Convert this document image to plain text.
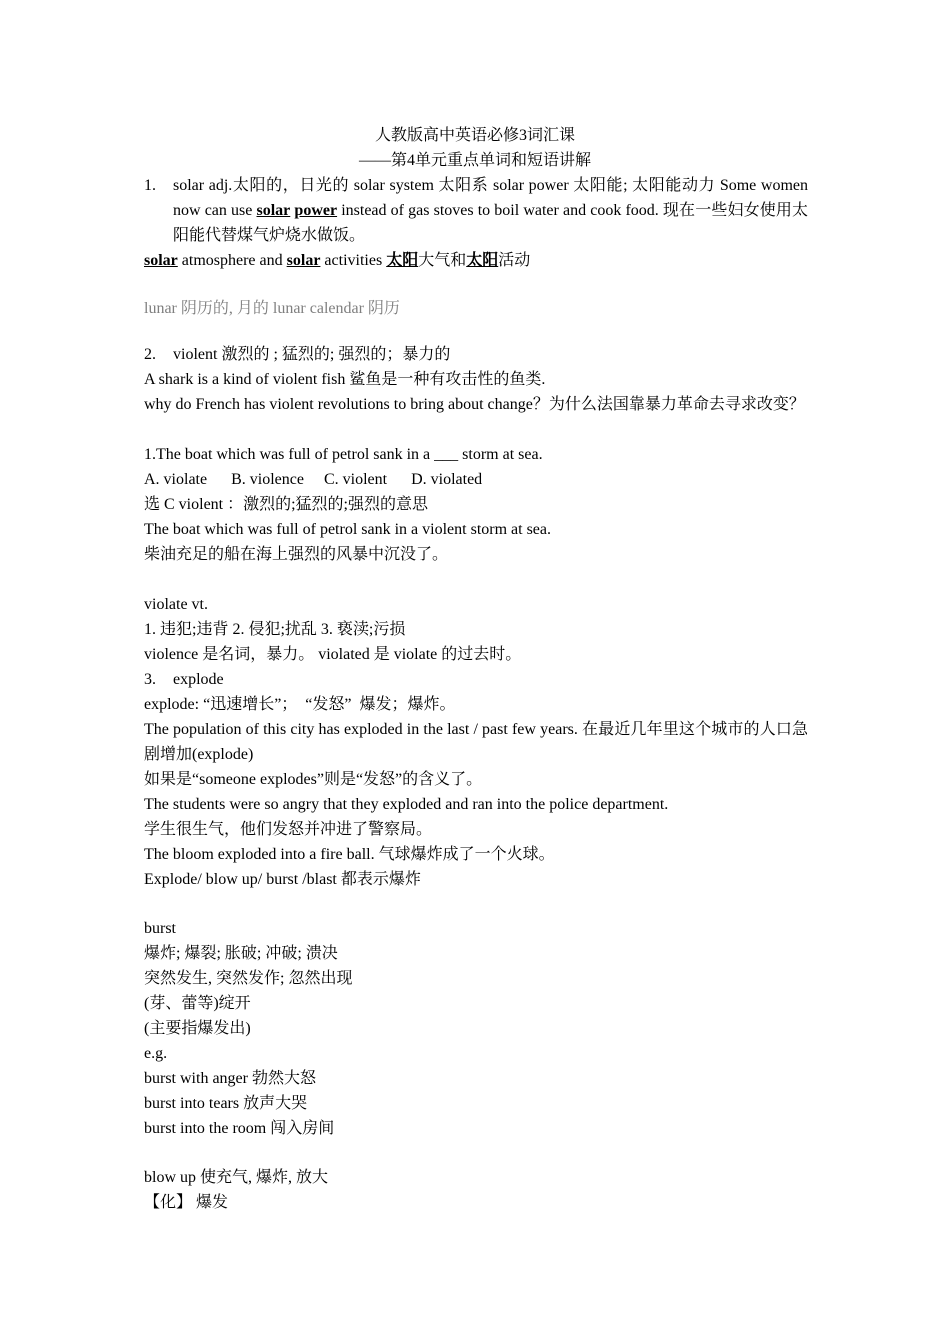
人教版高中英语必修3词汇课
——第4单元重点单词和短语讲解
1.	solar adj.太阳的，日光的 solar system 太阳系 solar power 太阳能; 太阳能动力 Some women now can use solar power instead of gas stoves to boil water and cook food. 现在一些妇女使用太阳能代替煤气炉烧水做饭。
solar atmosphere and solar activities 太阳大气和太阳活动
lunar 阴历的, 月的 lunar calendar 阴历
2.	violent 激烈的 ; 猛烈的; 强烈的；暴力的
A shark is a kind of violent fish 鲨鱼是一种有攻击性的鱼类.
why do French has violent revolutions to bring about change？为什么法国靠暴力革命去寻求改变？
1.The boat which was full of petrol sank in a ___ storm at sea.
A. violate      B. violence     C. violent      D. violated
选 C violent ：激烈的;猛烈的;强烈的意思
The boat which was full of petrol sank in a violent storm at sea.
柴油充足的船在海上强烈的风暴中沉没了。
violate vt.
1. 违犯;违背 2. 侵犯;扰乱 3. 亵渎;污损
violence 是名词，暴力。 violated 是 violate 的过去时。
3.	explode
explode: “迅速增长”；  “发怒”  爆发；爆炸。
The population of this city has exploded in the last / past few years. 在最近几年里这个城市的人口急剧增加(explode)
如果是“someone explodes”则是“发怒”的含义了。
The students were so angry that they exploded and ran into the police department.
学生很生气，他们发怒并冲进了警察局。
The bloom exploded into a fire ball. 气球爆炸成了一个火球。
Explode/ blow up/ burst /blast 都表示爆炸
burst
爆炸; 爆裂; 胀破; 冲破; 溃决
突然发生, 突然发作; 忽然出现
(芽、蕾等)绽开
(主要指爆发出)
e.g.
burst with anger 勃然大怒
burst into tears 放声大哭
burst into the room 闯入房间
blow up 使充气, 爆炸, 放大
【化】 爆发
